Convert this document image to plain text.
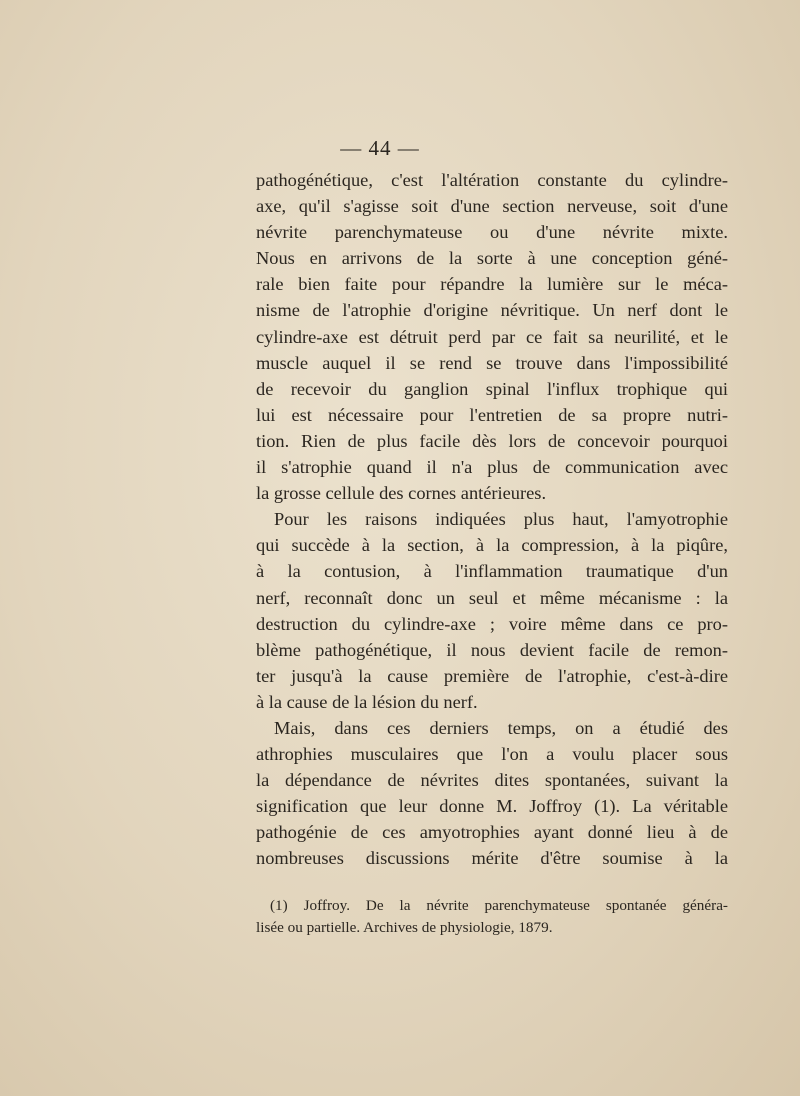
— 44 —
pathogénétique, c'est l'altération constante du cylindre-
axe, qu'il s'agisse soit d'une section nerveuse, soit d'une
névrite parenchymateuse ou d'une névrite mixte.
Nous en arrivons de la sorte à une conception géné-
rale bien faite pour répandre la lumière sur le méca-
nisme de l'atrophie d'origine névritique. Un nerf dont le
cylindre-axe est détruit perd par ce fait sa neurilité, et le
muscle auquel il se rend se trouve dans l'impossibilité
de recevoir du ganglion spinal l'influx trophique qui
lui est nécessaire pour l'entretien de sa propre nutri-
tion. Rien de plus facile dès lors de concevoir pourquoi
il s'atrophie quand il n'a plus de communication avec
la grosse cellule des cornes antérieures.
Pour les raisons indiquées plus haut, l'amyotrophie
qui succède à la section, à la compression, à la piqûre,
à la contusion, à l'inflammation traumatique d'un
nerf, reconnaît donc un seul et même mécanisme : la
destruction du cylindre-axe ; voire même dans ce pro-
blème pathogénétique, il nous devient facile de remon-
ter jusqu'à la cause première de l'atrophie, c'est-à-dire
à la cause de la lésion du nerf.
Mais, dans ces derniers temps, on a étudié des
athrophies musculaires que l'on a voulu placer sous
la dépendance de névrites dites spontanées, suivant la
signification que leur donne M. Joffroy (1). La véritable
pathogénie de ces amyotrophies ayant donné lieu à de
nombreuses discussions mérite d'être soumise à la
(1) Joffroy. De la névrite parenchymateuse spontanée généra-
lisée ou partielle. Archives de physiologie, 1879.
